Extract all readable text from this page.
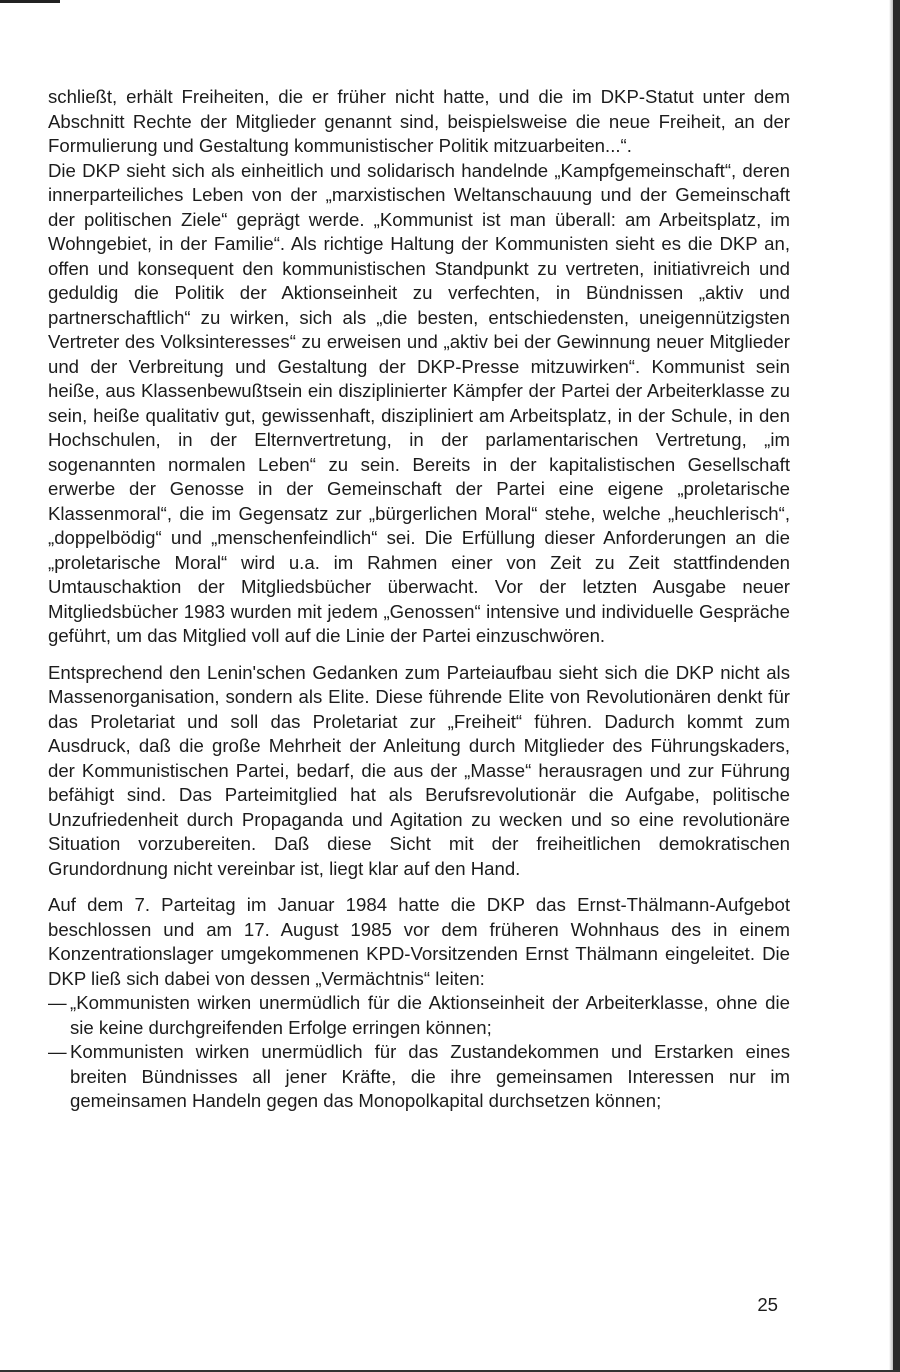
schließt, erhält Freiheiten, die er früher nicht hatte, und die im DKP-Statut unter dem Abschnitt Rechte der Mitglieder genannt sind, beispielsweise die neue Freiheit, an der Formulierung und Gestaltung kommunistischer Politik mitzuarbeiten...“.

Die DKP sieht sich als einheitlich und solidarisch handelnde „Kampfgemeinschaft“, deren innerparteiliches Leben von der „marxistischen Weltanschauung und der Gemeinschaft der politischen Ziele“ geprägt werde. „Kommunist ist man überall: am Arbeitsplatz, im Wohngebiet, in der Familie“. Als richtige Haltung der Kommunisten sieht es die DKP an, offen und konsequent den kommunistischen Standpunkt zu vertreten, initiativreich und geduldig die Politik der Aktionseinheit zu verfechten, in Bündnissen „aktiv und partnerschaftlich“ zu wirken, sich als „die besten, entschiedensten, uneigennützigsten Vertreter des Volksinteresses“ zu erweisen und „aktiv bei der Gewinnung neuer Mitglieder und der Verbreitung und Gestaltung der DKP-Presse mitzuwirken“. Kommunist sein heiße, aus Klassenbewußtsein ein disziplinierter Kämpfer der Partei der Arbeiterklasse zu sein, heiße qualitativ gut, gewissenhaft, diszipliniert am Arbeitsplatz, in der Schule, in den Hochschulen, in der Elternvertretung, in der parlamentarischen Vertretung, „im sogenannten normalen Leben“ zu sein. Bereits in der kapitalistischen Gesellschaft erwerbe der Genosse in der Gemeinschaft der Partei eine eigene „proletarische Klassenmoral“, die im Gegensatz zur „bürgerlichen Moral“ stehe, welche „heuchlerisch“, „doppelbödig“ und „menschenfeindlich“ sei. Die Erfüllung dieser Anforderungen an die „proletarische Moral“ wird u.a. im Rahmen einer von Zeit zu Zeit stattfindenden Umtauschaktion der Mitgliedsbücher überwacht. Vor der letzten Ausgabe neuer Mitgliedsbücher 1983 wurden mit jedem „Genossen“ intensive und individuelle Gespräche geführt, um das Mitglied voll auf die Linie der Partei einzuschwören.

Entsprechend den Lenin'schen Gedanken zum Parteiaufbau sieht sich die DKP nicht als Massenorganisation, sondern als Elite. Diese führende Elite von Revolutionären denkt für das Proletariat und soll das Proletariat zur „Freiheit“ führen. Dadurch kommt zum Ausdruck, daß die große Mehrheit der Anleitung durch Mitglieder des Führungskaders, der Kommunistischen Partei, bedarf, die aus der „Masse“ herausragen und zur Führung befähigt sind. Das Parteimitglied hat als Berufsrevolutionär die Aufgabe, politische Unzufriedenheit durch Propaganda und Agitation zu wecken und so eine revolutionäre Situation vorzubereiten. Daß diese Sicht mit der freiheitlichen demokratischen Grundordnung nicht vereinbar ist, liegt klar auf den Hand.

Auf dem 7. Parteitag im Januar 1984 hatte die DKP das Ernst-Thälmann-Aufgebot beschlossen und am 17. August 1985 vor dem früheren Wohnhaus des in einem Konzentrationslager umgekommenen KPD-Vorsitzenden Ernst Thälmann eingeleitet. Die DKP ließ sich dabei von dessen „Vermächtnis“ leiten:

— „Kommunisten wirken unermüdlich für die Aktionseinheit der Arbeiterklasse, ohne die sie keine durchgreifenden Erfolge erringen können;
— Kommunisten wirken unermüdlich für das Zustandekommen und Erstarken eines breiten Bündnisses all jener Kräfte, die ihre gemeinsamen Interessen nur im gemeinsamen Handeln gegen das Monopolkapital durchsetzen können;
25
